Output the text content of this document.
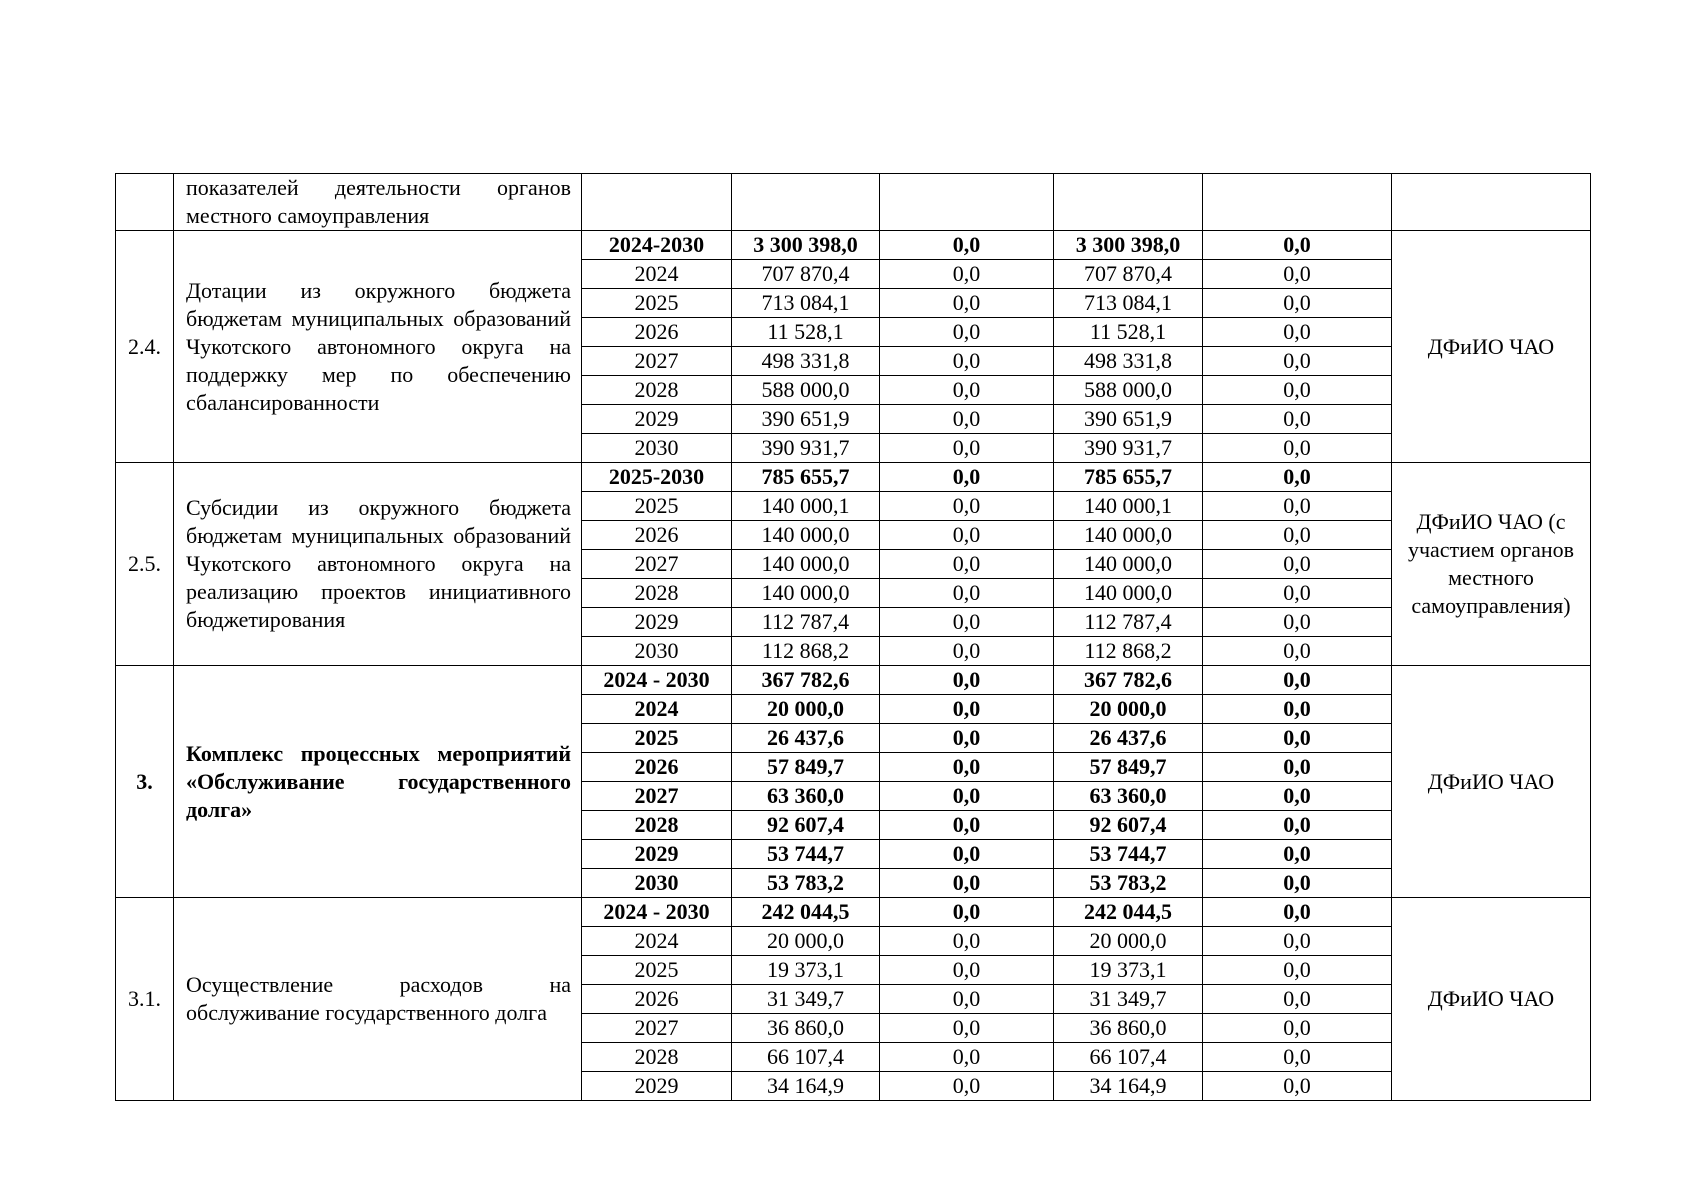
	показателей деятельности органов местного самоуправления						
2.4.	Дотации из окружного бюджета бюджетам муниципальных образований Чукотского автономного округа на поддержку мер по обеспечению сбалансированности	2024-2030	3 300 398,0	0,0	3 300 398,0	0,0	ДФиИО ЧАО
		2024	707 870,4	0,0	707 870,4	0,0	
		2025	713 084,1	0,0	713 084,1	0,0	
		2026	11 528,1	0,0	11 528,1	0,0	
		2027	498 331,8	0,0	498 331,8	0,0	
		2028	588 000,0	0,0	588 000,0	0,0	
		2029	390 651,9	0,0	390 651,9	0,0	
		2030	390 931,7	0,0	390 931,7	0,0	
2.5.	Субсидии из окружного бюджета бюджетам муниципальных образований Чукотского автономного округа на реализацию проектов инициативного бюджетирования	2025-2030	785 655,7	0,0	785 655,7	0,0	ДФиИО ЧАО (с участием органов местного самоуправления)
		2025	140 000,1	0,0	140 000,1	0,0	
		2026	140 000,0	0,0	140 000,0	0,0	
		2027	140 000,0	0,0	140 000,0	0,0	
		2028	140 000,0	0,0	140 000,0	0,0	
		2029	112 787,4	0,0	112 787,4	0,0	
		2030	112 868,2	0,0	112 868,2	0,0	
3.	Комплекс процессных мероприятий «Обслуживание государственного долга»	2024 - 2030	367 782,6	0,0	367 782,6	0,0	ДФиИО ЧАО
		2024	20 000,0	0,0	20 000,0	0,0	
		2025	26 437,6	0,0	26 437,6	0,0	
		2026	57 849,7	0,0	57 849,7	0,0	
		2027	63 360,0	0,0	63 360,0	0,0	
		2028	92 607,4	0,0	92 607,4	0,0	
		2029	53 744,7	0,0	53 744,7	0,0	
		2030	53 783,2	0,0	53 783,2	0,0	
3.1.	Осуществление расходов на обслуживание государственного долга	2024 - 2030	242 044,5	0,0	242 044,5	0,0	ДФиИО ЧАО
		2024	20 000,0	0,0	20 000,0	0,0	
		2025	19 373,1	0,0	19 373,1	0,0	
		2026	31 349,7	0,0	31 349,7	0,0	
		2027	36 860,0	0,0	36 860,0	0,0	
		2028	66 107,4	0,0	66 107,4	0,0	
		2029	34 164,9	0,0	34 164,9	0,0	
